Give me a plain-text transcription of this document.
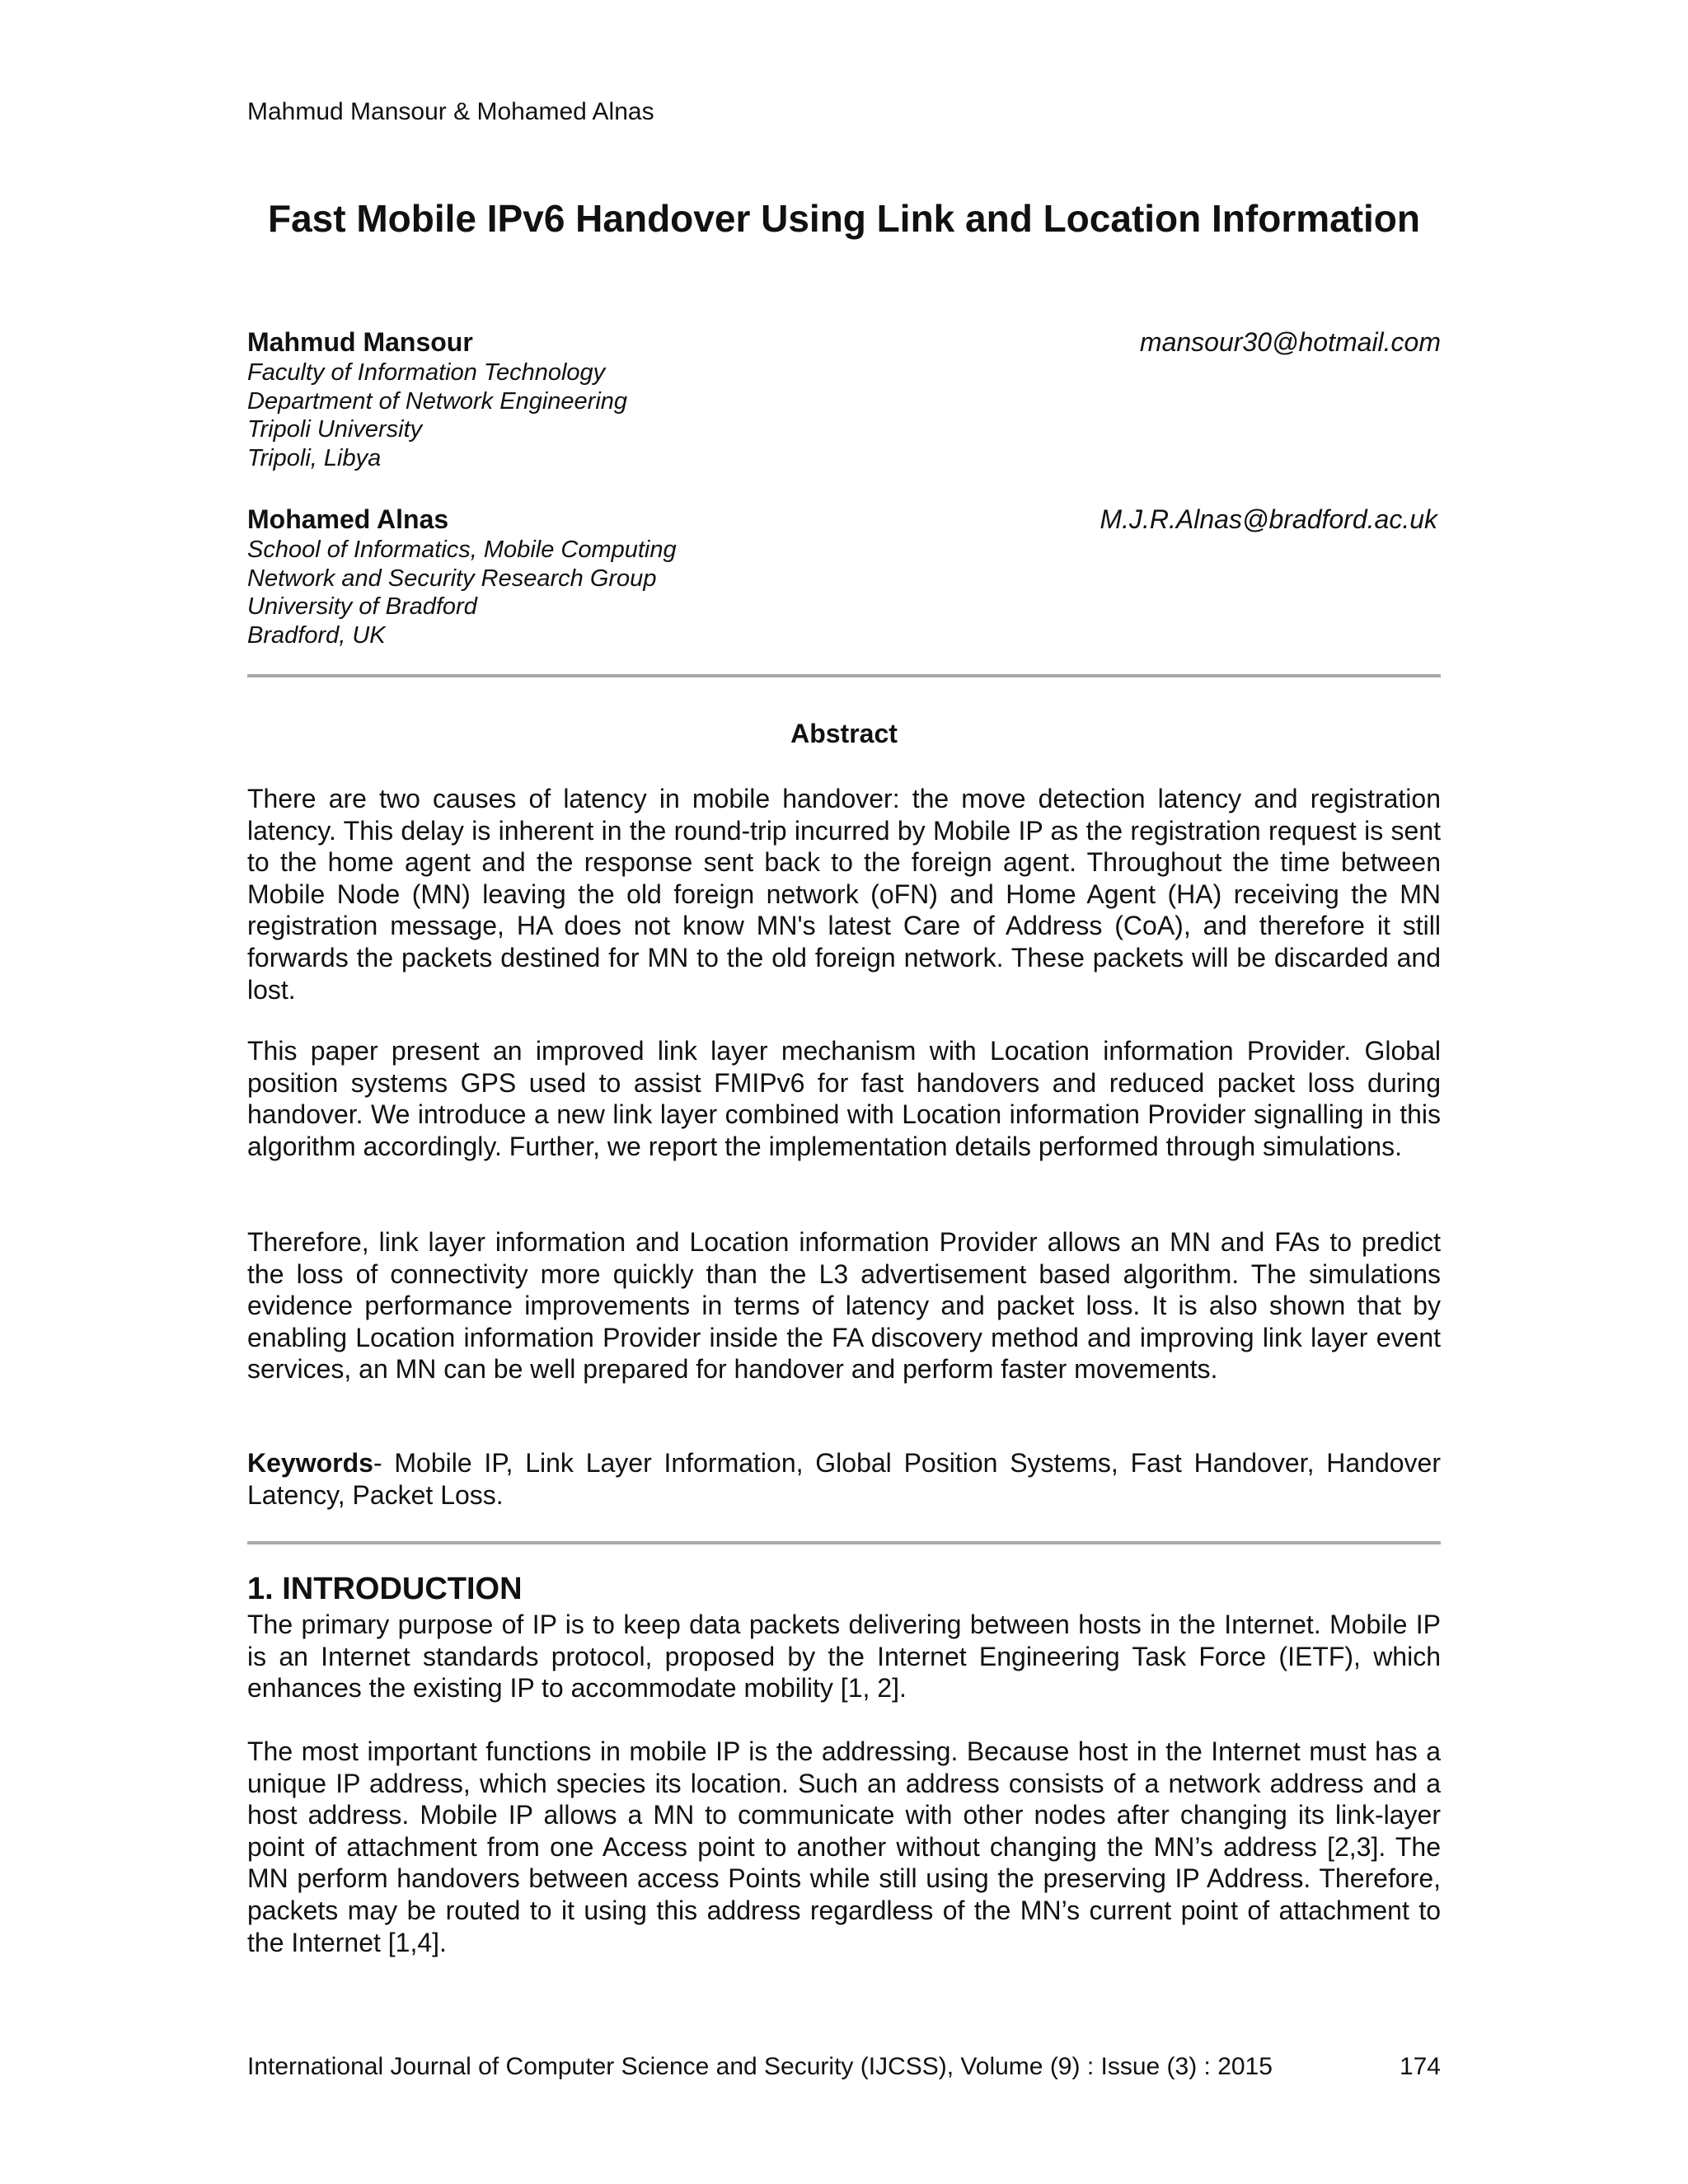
Mahmud Mansour & Mohamed Alnas
Fast Mobile IPv6 Handover Using Link and Location Information
Mahmud Mansour	mansour30@hotmail.com
Faculty of Information Technology
Department of Network Engineering
Tripoli University
Tripoli, Libya
Mohamed Alnas	M.J.R.Alnas@bradford.ac.uk
School of Informatics, Mobile Computing
Network and Security Research Group
University of Bradford
Bradford, UK
Abstract

There are two causes of latency in mobile handover: the move detection latency and registration latency. This delay is inherent in the round-trip incurred by Mobile IP as the registration request is sent to the home agent and the response sent back to the foreign agent. Throughout the time between Mobile Node (MN) leaving the old foreign network (oFN) and Home Agent (HA) receiving the MN registration message, HA does not know MN's latest Care of Address (CoA), and therefore it still forwards the packets destined for MN to the old foreign network. These packets will be discarded and lost.

This paper present an improved link layer mechanism with Location information Provider. Global position systems GPS used to assist FMIPv6 for fast handovers and reduced packet loss during handover. We introduce a new link layer combined with Location information Provider signalling in this algorithm accordingly. Further, we report the implementation details performed through simulations.

Therefore, link layer information and Location information Provider allows an MN and FAs to predict the loss of connectivity more quickly than the L3 advertisement based algorithm. The simulations evidence performance improvements in terms of latency and packet loss. It is also shown that by enabling Location information Provider inside the FA discovery method and improving link layer event services, an MN can be well prepared for handover and perform faster movements.

Keywords- Mobile IP, Link Layer Information, Global Position Systems, Fast Handover, Handover Latency, Packet Loss.

1. INTRODUCTION

The primary purpose of IP is to keep data packets delivering between hosts in the Internet. Mobile IP is an Internet standards protocol, proposed by the Internet Engineering Task Force (IETF), which enhances the existing IP to accommodate mobility [1, 2].

The most important functions in mobile IP is the addressing. Because host in the Internet must has a unique IP address, which species its location. Such an address consists of a network address and a host address. Mobile IP allows a MN to communicate with other nodes after changing its link-layer point of attachment from one Access point to another without changing the MN’s address [2,3]. The MN perform handovers between access Points while still using the preserving IP Address. Therefore, packets may be routed to it using this address regardless of the MN’s current point of attachment to the Internet [1,4].

International Journal of Computer Science and Security (IJCSS), Volume (9) : Issue (3) : 2015	174
